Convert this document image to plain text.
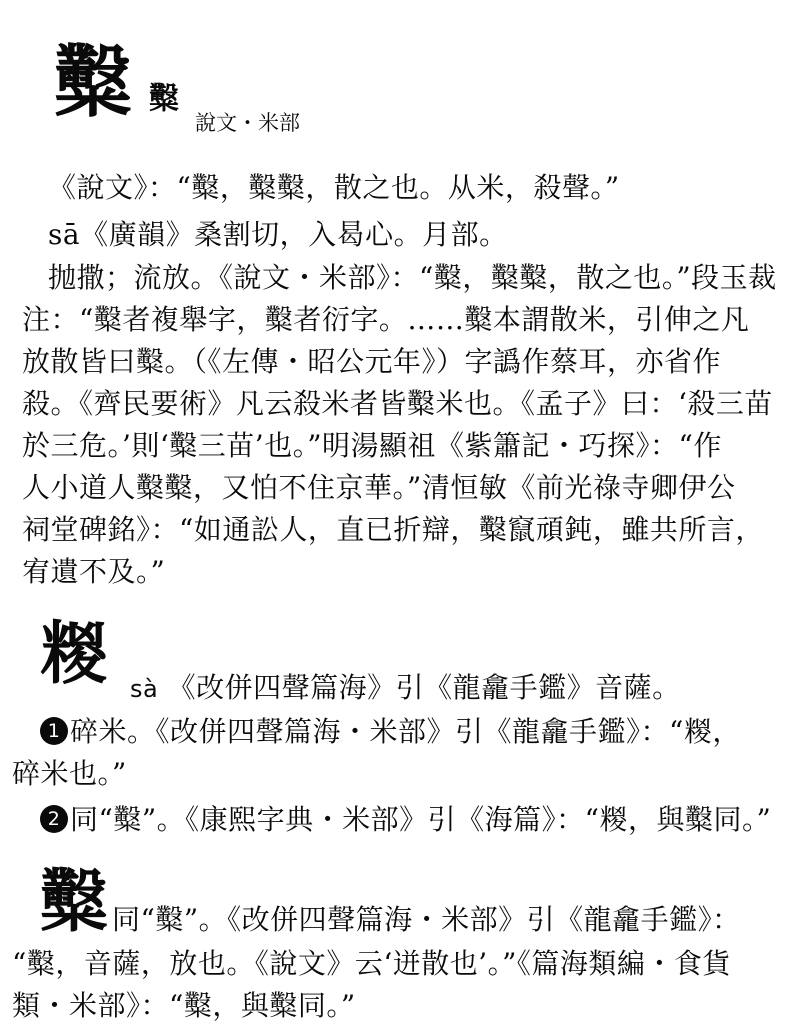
糳 糳
說文・米部
《說文》：“糳，糳糳，散之也。从米，殺聲。”
sā《廣韻》桑割切，入曷心。月部。
抛撒；流放。《說文・米部》：“糳，糳糳，散之也。”段玉裁
注：“糳者複舉字，糳者衍字。……糳本謂散米，引伸之凡
放散皆曰糳。（《左傳・昭公元年》）字譌作蔡耳，亦省作
殺。《齊民要術》凡云殺米者皆糳米也。《孟子》曰：‘殺三苗
於三危。’則‘糳三苗’也。”明湯顯祖《紫簫記・巧探》：“作
人小道人糳糳，又怕不住京華。”清恒敏《前光祿寺卿伊公
祠堂碑銘》：“如通訟人，直已折辯，糳竄頑鈍，雖共所言，
宥遺不及。”
糉 sà 《改併四聲篇海》引《龍龕手鑑》音薩。
1 碎米。《改併四聲篇海・米部》引《龍龕手鑑》：“糉，
碎米也。”
2 同“糳”。《康熙字典・米部》引《海篇》：“糉，與糳同。”
糳 同“糳”。《改併四聲篇海・米部》引《龍龕手鑑》：
“糳，音薩，放也。《說文》云‘迸散也’。”《篇海類編・食貨
類・米部》：“糳，與糳同。”
